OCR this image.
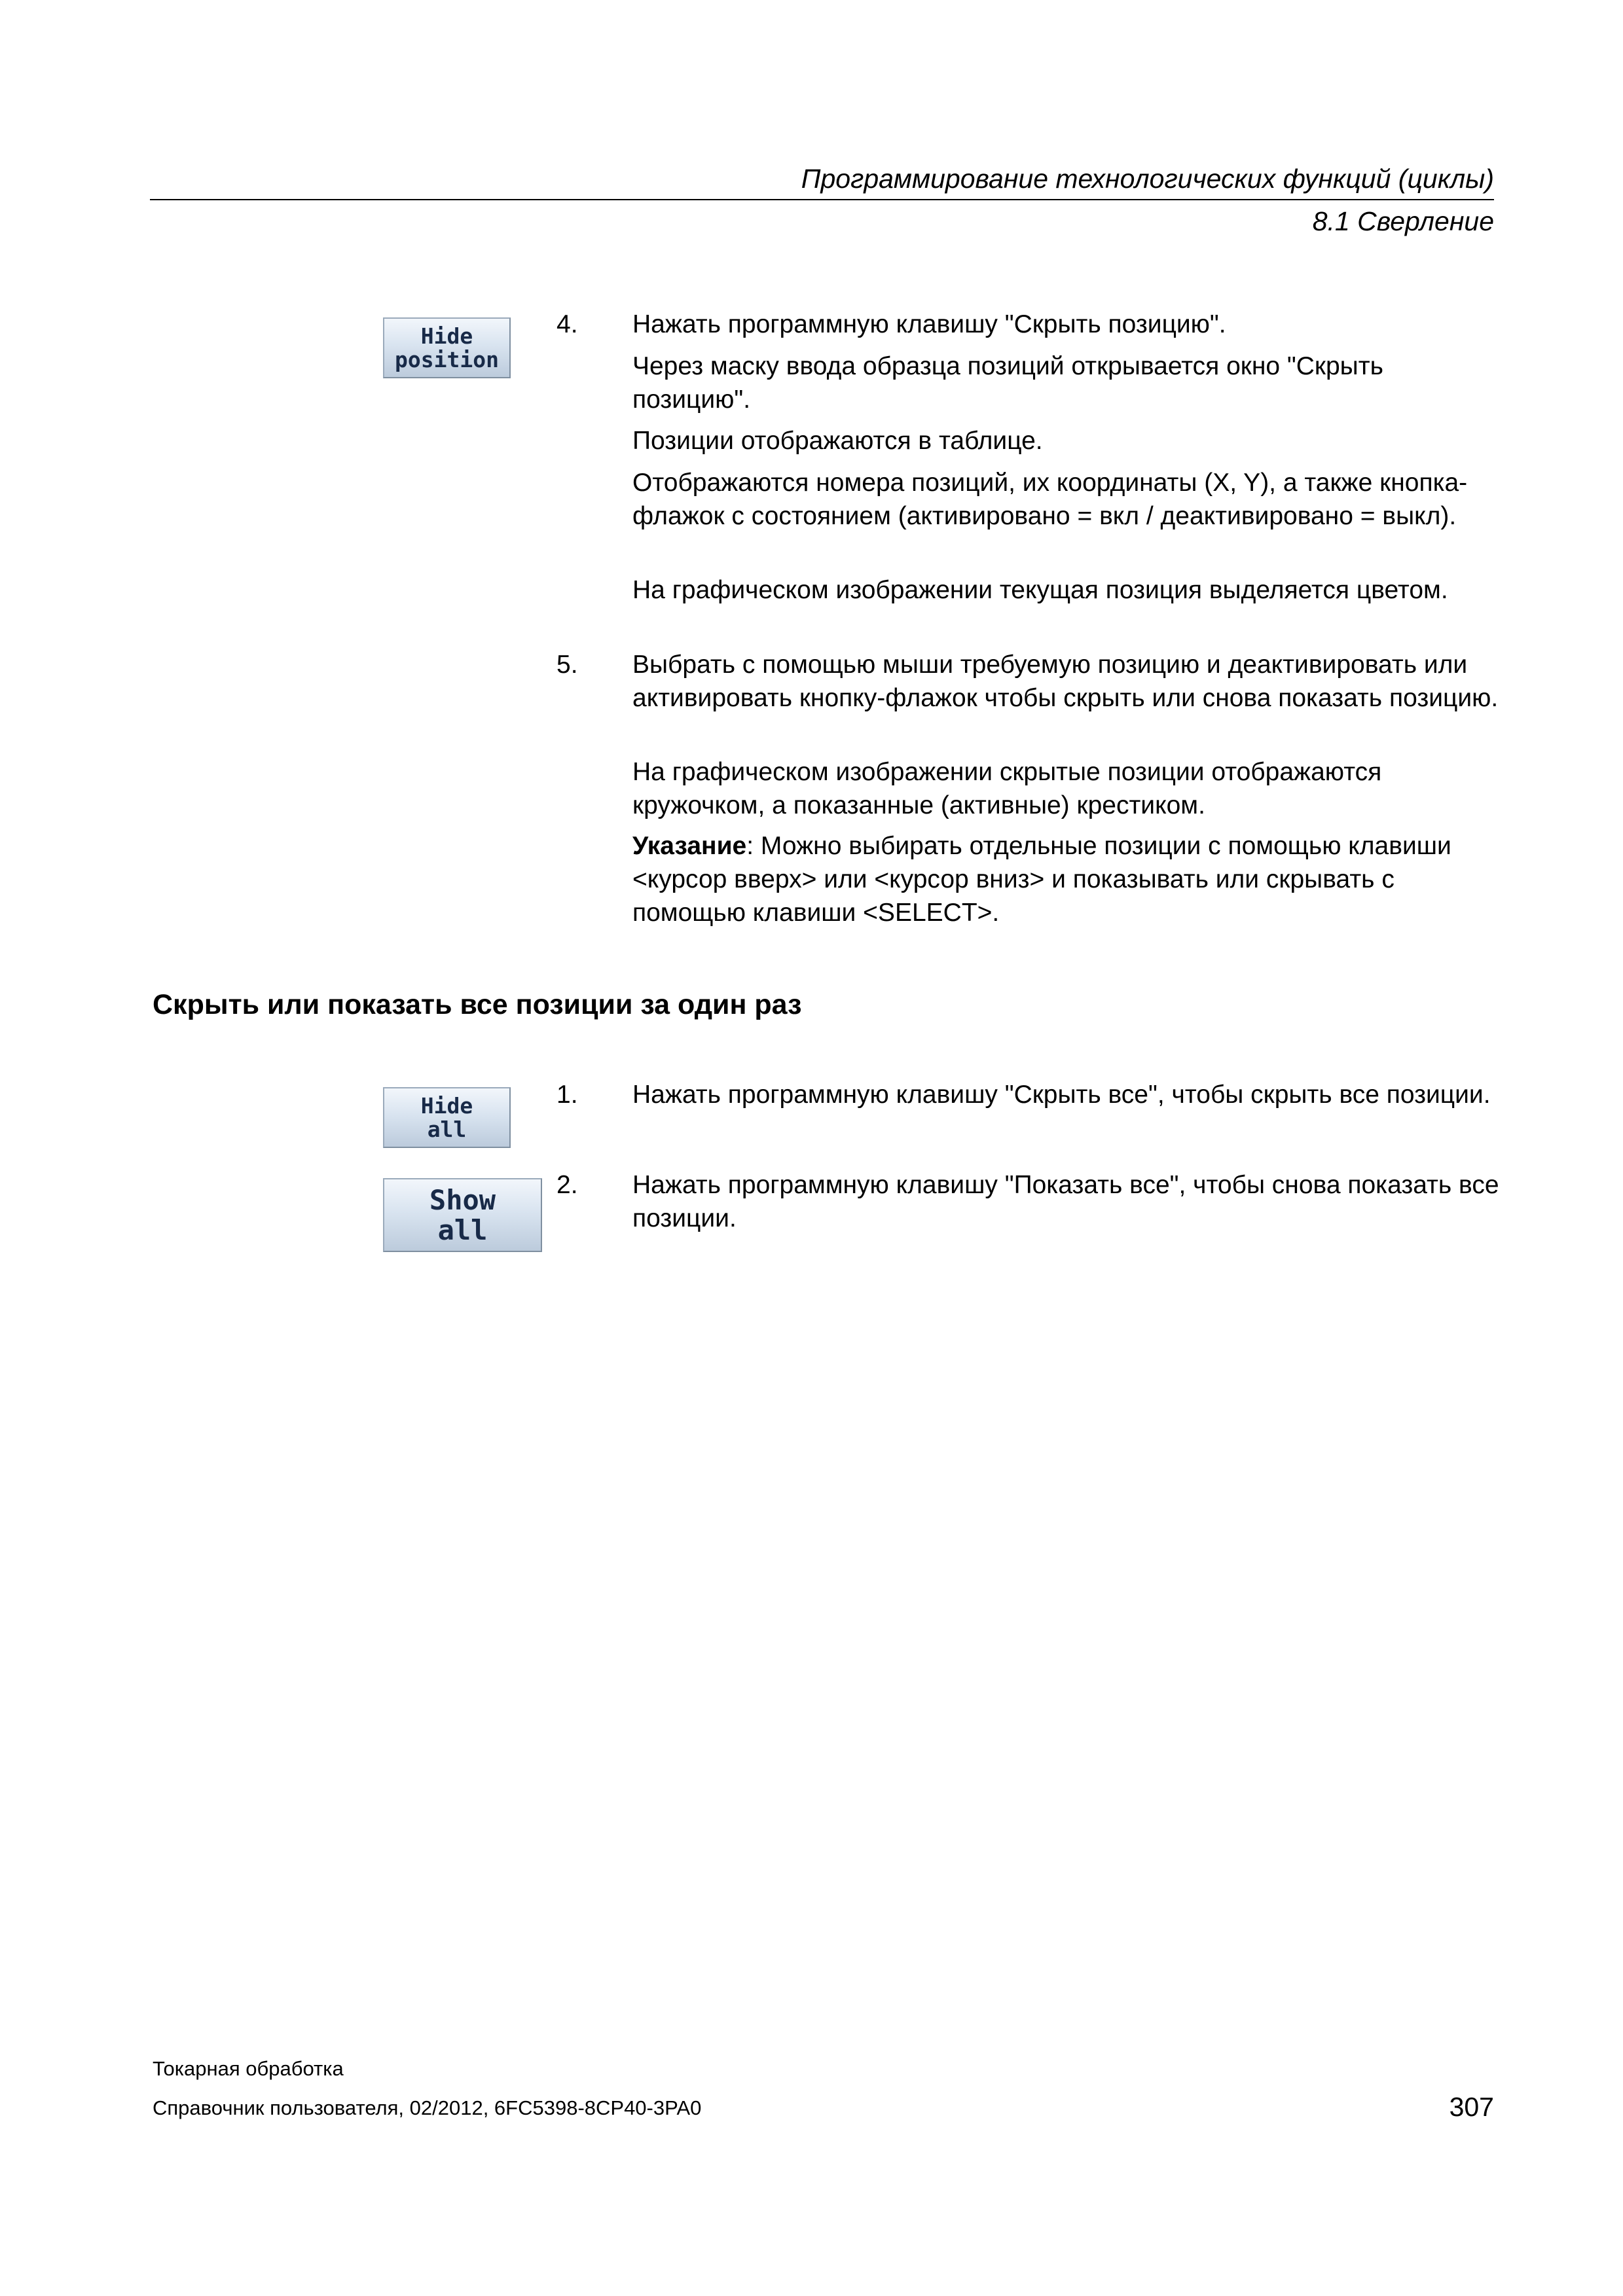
Программирование технологических функций (циклы)
8.1 Сверление
Hide
position
4. Нажать программную клавишу "Скрыть позицию".

Через маску ввода образца позиций открывается окно "Скрыть позицию".

Позиции отображаются в таблице.

Отображаются номера позиций, их координаты (X, Y), а также кнопка-флажок с состоянием (активировано = вкл / деактивировано = выкл).

На графическом изображении текущая позиция выделяется цветом.

5. Выбрать с помощью мыши требуемую позицию и деактивировать или активировать кнопку-флажок чтобы скрыть или снова показать позицию.

На графическом изображении скрытые позиции отображаются кружочком, а показанные (активные) крестиком.

Указание: Можно выбирать отдельные позиции с помощью клавиши <курсор вверх> или <курсор вниз> и показывать или скрывать с помощью клавиши <SELECT>.

Скрыть или показать все позиции за один раз
Hide
all
Show
all
1. Нажать программную клавишу "Скрыть все", чтобы скрыть все позиции.

2. Нажать программную клавишу "Показать все", чтобы снова показать все позиции.

Токарная обработка
Справочник пользователя, 02/2012, 6FC5398-8CP40-3PA0	307
